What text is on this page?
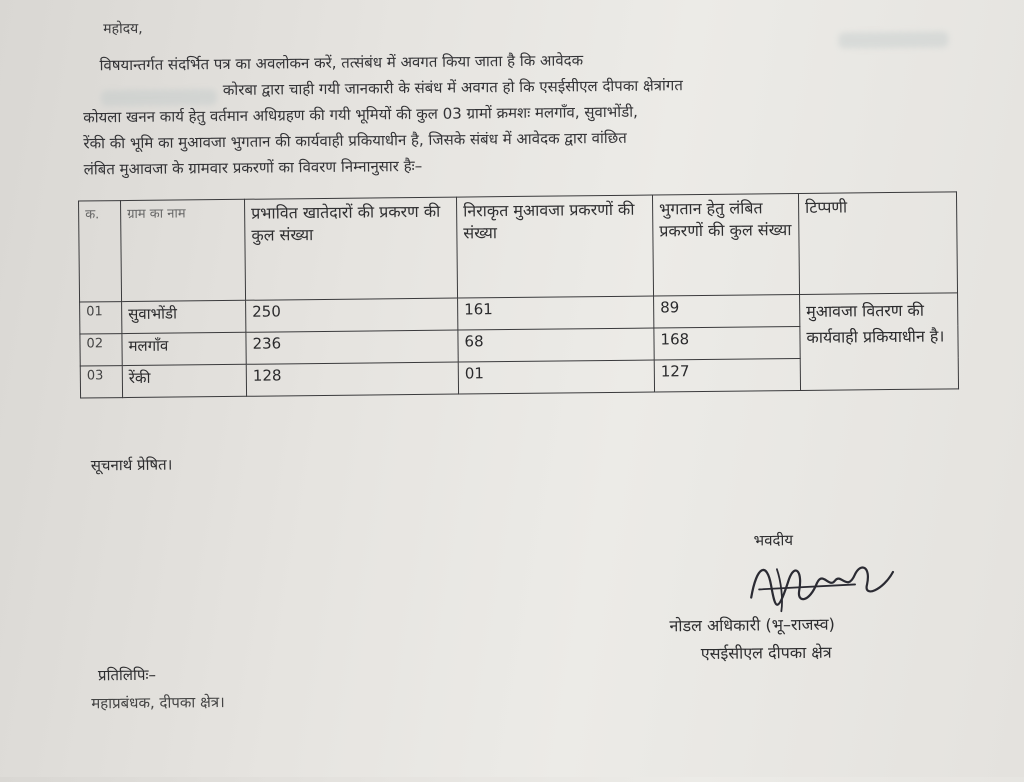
महोदय,
विषयान्तर्गत संदर्भित पत्र का अवलोकन करें, तत्संबंध में अवगत किया जाता है कि आवेदक
कोरबा द्वारा चाही गयी जानकारी के संबंध में अवगत हो कि एसईसीएल दीपका क्षेत्रांगत
कोयला खनन कार्य हेतु वर्तमान अधिग्रहण की गयी भूमियों की कुल 03 ग्रामों क्रमशः मलगाँव, सुवाभोंडी,
रेंकी की भूमि का मुआवजा भुगतान की कार्यवाही प्रकियाधीन है, जिसके संबंध में आवेदक द्वारा वांछित
लंबित मुआवजा के ग्रामवार प्रकरणों का विवरण निम्नानुसार हैः–
क.	ग्राम का नाम	प्रभावित खातेदारों की प्रकरण की कुल संख्या	निराकृत मुआवजा प्रकरणों की संख्या	भुगतान हेतु लंबित प्रकरणों की कुल संख्या	टिप्पणी
01	सुवाभोंडी	250	161	89	मुआवजा वितरण की कार्यवाही प्रकियाधीन है।
02	मलगाँव	236	68	168	
03	रेंकी	128	01	127	
सूचनार्थ प्रेषित।
भवदीय
नोडल अधिकारी (भू–राजस्व)
एसईसीएल दीपका क्षेत्र
प्रतिलिपिः–
महाप्रबंधक, दीपका क्षेत्र।
